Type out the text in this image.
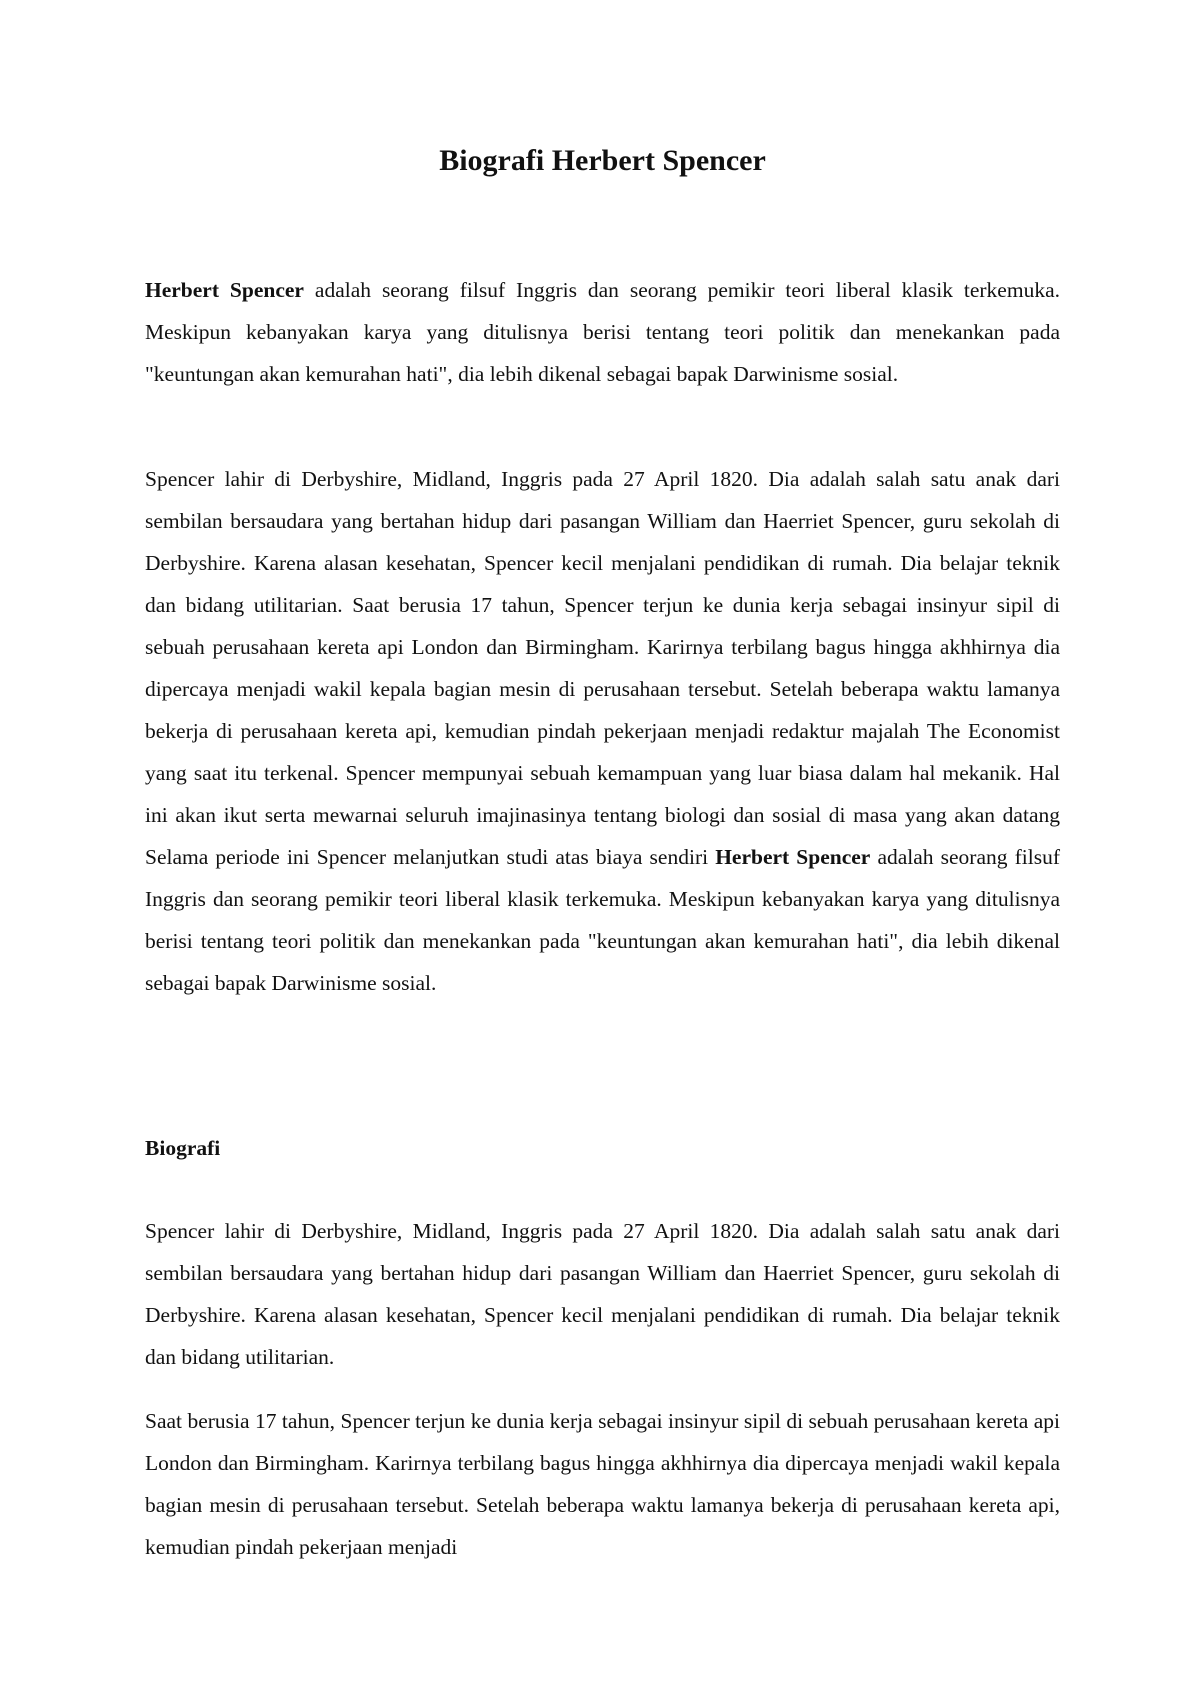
Biografi Herbert Spencer

Herbert Spencer adalah seorang filsuf Inggris dan seorang pemikir teori liberal klasik terkemuka. Meskipun kebanyakan karya yang ditulisnya berisi tentang teori politik dan menekankan pada "keuntungan akan kemurahan hati", dia lebih dikenal sebagai bapak Darwinisme sosial.

Spencer lahir di Derbyshire, Midland, Inggris pada 27 April 1820. Dia adalah salah satu anak dari sembilan bersaudara yang bertahan hidup dari pasangan William dan Haerriet Spencer, guru sekolah di Derbyshire. Karena alasan kesehatan, Spencer kecil menjalani pendidikan di rumah. Dia belajar teknik dan bidang utilitarian. Saat berusia 17 tahun, Spencer terjun ke dunia kerja sebagai insinyur sipil di sebuah perusahaan kereta api London dan Birmingham. Karirnya terbilang bagus hingga akhhirnya dia dipercaya menjadi wakil kepala bagian mesin di perusahaan tersebut. Setelah beberapa waktu lamanya bekerja di perusahaan kereta api, kemudian pindah pekerjaan menjadi redaktur majalah The Economist yang saat itu terkenal. Spencer mempunyai sebuah kemampuan yang luar biasa dalam hal mekanik. Hal ini akan ikut serta mewarnai seluruh imajinasinya tentang biologi dan sosial di masa yang akan datang Selama periode ini Spencer melanjutkan studi atas biaya sendiri Herbert Spencer adalah seorang filsuf Inggris dan seorang pemikir teori liberal klasik terkemuka. Meskipun kebanyakan karya yang ditulisnya berisi tentang teori politik dan menekankan pada "keuntungan akan kemurahan hati", dia lebih dikenal sebagai bapak Darwinisme sosial.

Biografi

Spencer lahir di Derbyshire, Midland, Inggris pada 27 April 1820. Dia adalah salah satu anak dari sembilan bersaudara yang bertahan hidup dari pasangan William dan Haerriet Spencer, guru sekolah di Derbyshire. Karena alasan kesehatan, Spencer kecil menjalani pendidikan di rumah. Dia belajar teknik dan bidang utilitarian.

Saat berusia 17 tahun, Spencer terjun ke dunia kerja sebagai insinyur sipil di sebuah perusahaan kereta api London dan Birmingham. Karirnya terbilang bagus hingga akhhirnya dia dipercaya menjadi wakil kepala bagian mesin di perusahaan tersebut. Setelah beberapa waktu lamanya bekerja di perusahaan kereta api, kemudian pindah pekerjaan menjadi
